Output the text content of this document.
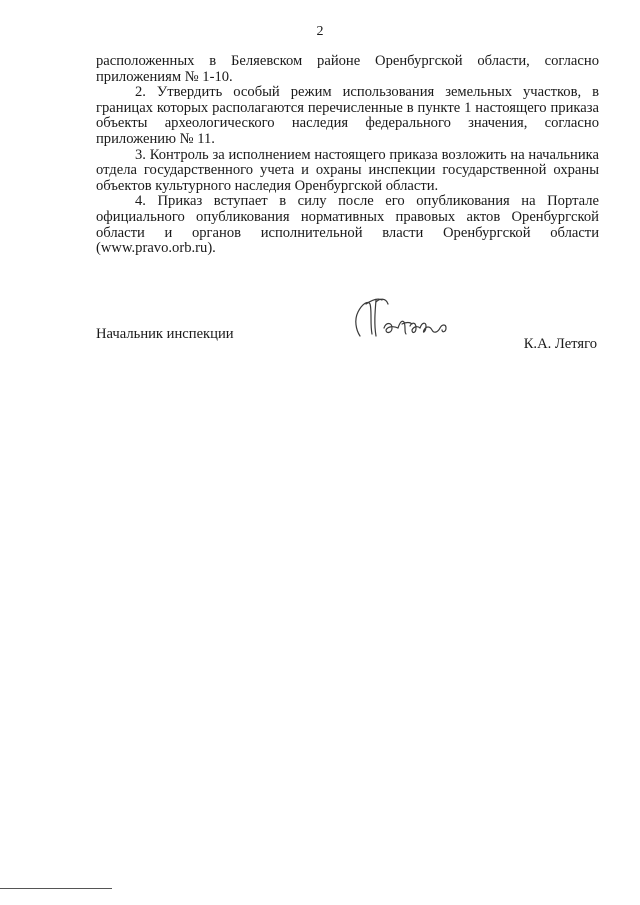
2

расположенных в Беляевском районе Оренбургской области, согласно приложениям № 1-10.

2. Утвердить особый режим использования земельных участков, в границах которых располагаются перечисленные в пункте 1 настоящего приказа объекты археологического наследия федерального значения, согласно приложению № 11.

3. Контроль за исполнением настоящего приказа возложить на начальника отдела государственного учета и охраны инспекции государственной охраны объектов культурного наследия Оренбургской области.

4. Приказ вступает в силу после его опубликования на Портале официального опубликования нормативных правовых актов Оренбургской области и органов исполнительной власти Оренбургской области (www.pravo.orb.ru).

Начальник инспекции
К.А. Летяго
